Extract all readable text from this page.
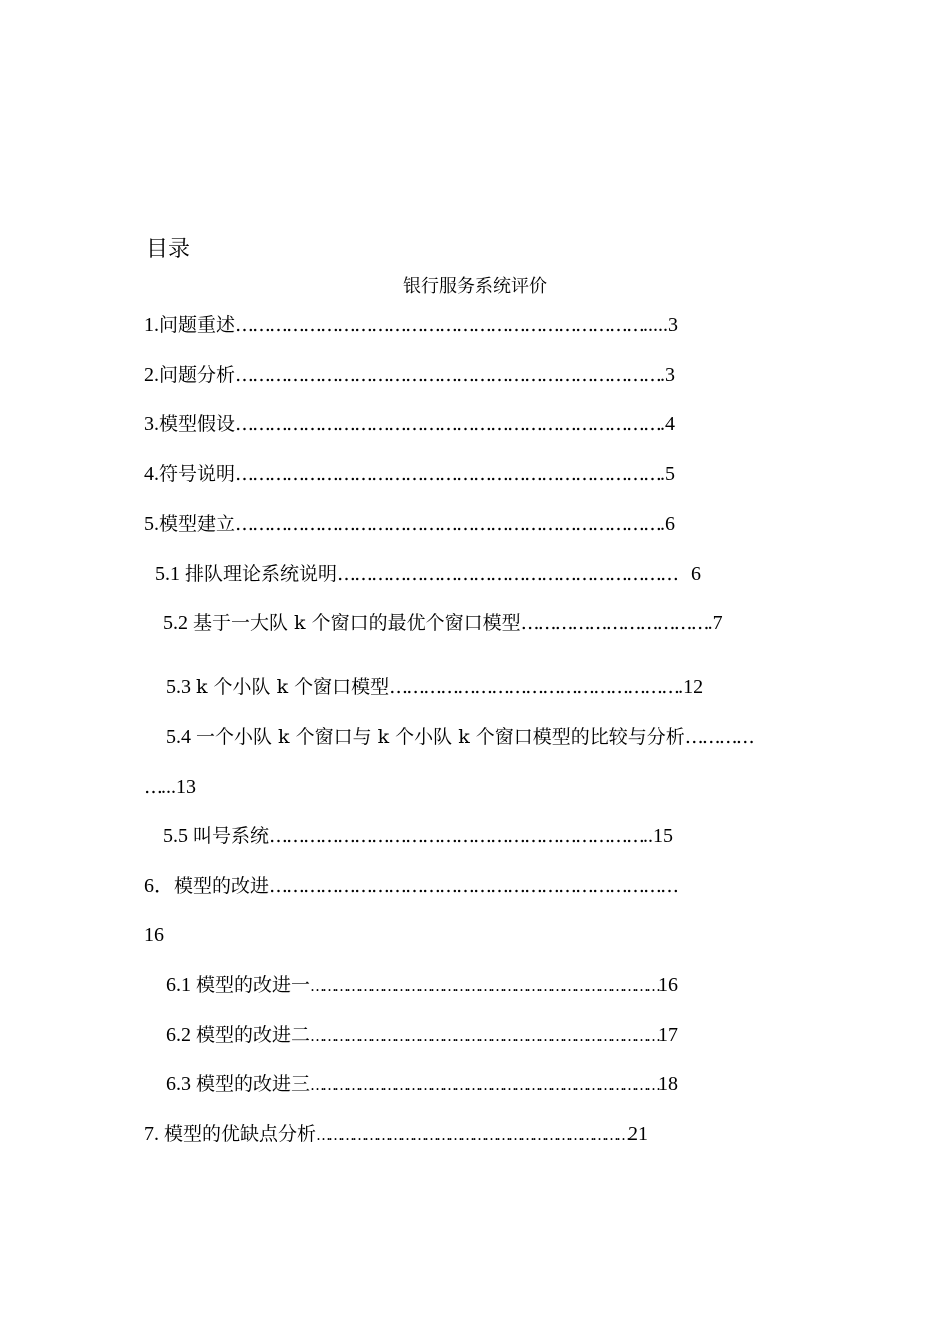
目录
银行服务系统评价
1.问题重述……………………………………………………………….....3
2.问题分析………………………………………………………………….3
3.模型假设………………………………………………………………….4
4.符号说明………………………………………………………………….5
5.模型建立………………………………………………………………….6
5.1 排队理论系统说明…………………………………………………… 6
5.2 基于一大队 k 个窗口的最优个窗口模型…………………………….7
5.3 k 个小队 k 个窗口模型…………………………………………….12
5.4 一个小队 k 个窗口与 k 个小队 k 个窗口模型的比较与分析…………
…...13
5.5 叫号系统…………………………………………………………..15
6．模型的改进………………………………………………………………
16
6.1 模型的改进一……………………………………………………………………………16
6.2 模型的改进二……………………………………………………………………………17
6.3 模型的改进三……………………………………………………………………………18
7. 模型的优缺点分析……………………………………………………………………21
